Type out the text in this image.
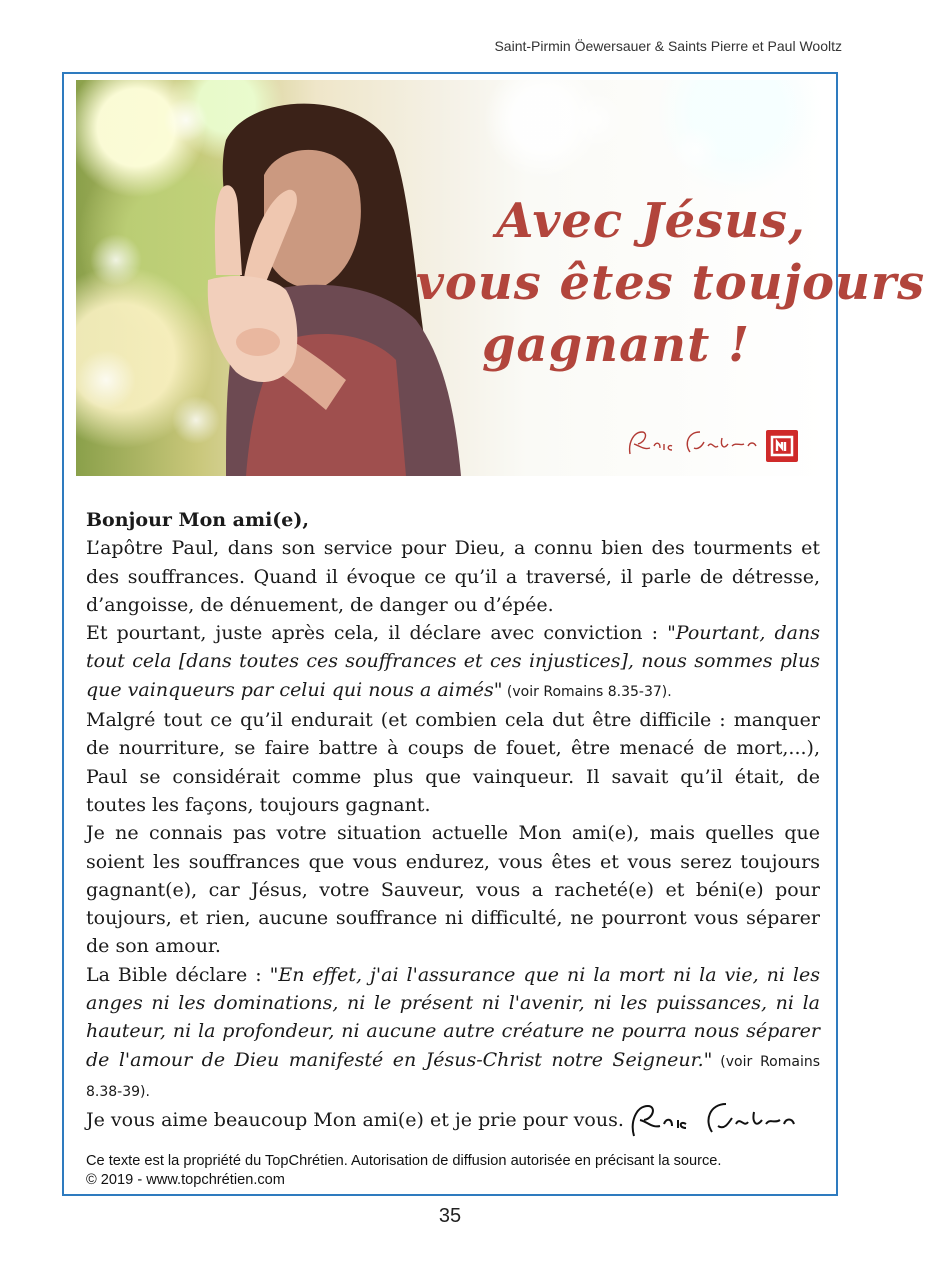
Saint-Pirmin Öewersauer & Saints Pierre et Paul Wooltz
Avec Jésus,
vous êtes toujours
gagnant !

Bonjour Mon ami(e),

L’apôtre Paul, dans son service pour Dieu, a connu bien des tourments et des souffrances. Quand il évoque ce qu’il a traversé, il parle de détresse, d’angoisse, de dénuement, de danger ou d’épée.

Et pourtant, juste après cela, il déclare avec conviction : "Pourtant, dans tout cela [dans toutes ces souffrances et ces injustices], nous sommes plus que vainqueurs par celui qui nous a aimés" (voir Romains 8.35-37).

Malgré tout ce qu’il endurait (et combien cela dut être difficile : manquer de nourriture, se faire battre à coups de fouet, être menacé de mort,...), Paul se considérait comme plus que vainqueur. Il savait qu’il était, de toutes les façons, toujours gagnant.

Je ne connais pas votre situation actuelle Mon ami(e), mais quelles que soient les souffrances que vous endurez, vous êtes et vous serez toujours gagnant(e), car Jésus, votre Sauveur, vous a racheté(e) et béni(e) pour toujours, et rien, aucune souffrance ni difficulté, ne pourront vous séparer de son amour.

La Bible déclare : "En effet, j'ai l'assurance que ni la mort ni la vie, ni les anges ni les dominations, ni le présent ni l'avenir, ni les puissances, ni la hauteur, ni la profondeur, ni aucune autre créature ne pourra nous séparer de l'amour de Dieu manifesté en Jésus-Christ notre Seigneur." (voir Romains 8.38-39).

Je vous aime beaucoup Mon ami(e) et je prie pour vous.

Ce texte est la propriété du TopChrétien. Autorisation de diffusion autorisée en précisant la source.
© 2019 - www.topchrétien.com
35
